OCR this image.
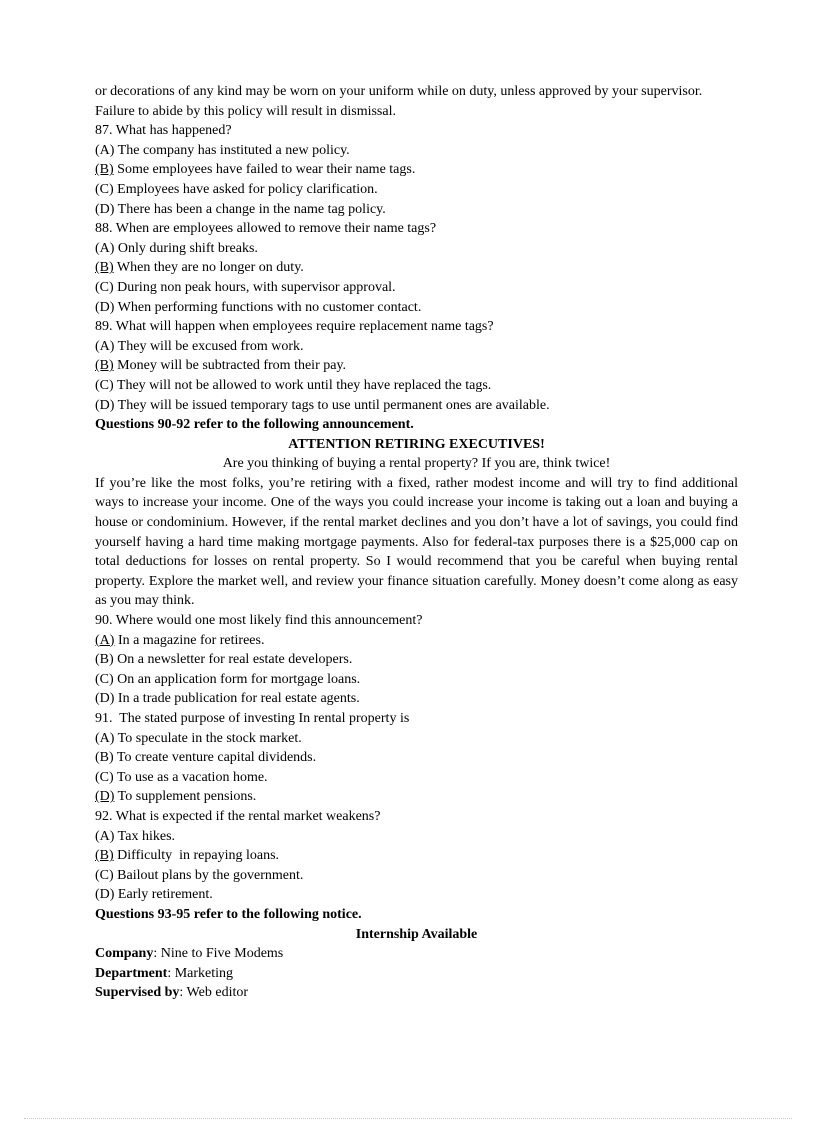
or decorations of any kind may be worn on your uniform while on duty, unless approved by your supervisor.
Failure to abide by this policy will result in dismissal.
87. What has happened?
(A) The company has instituted a new policy.
(B) Some employees have failed to wear their name tags.
(C) Employees have asked for policy clarification.
(D) There has been a change in the name tag policy.
88. When are employees allowed to remove their name tags?
(A) Only during shift breaks.
(B) When they are no longer on duty.
(C) During non peak hours, with supervisor approval.
(D) When performing functions with no customer contact.
89. What will happen when employees require replacement name tags?
(A) They will be excused from work.
(B) Money will be subtracted from their pay.
(C) They will not be allowed to work until they have replaced the tags.
(D) They will be issued temporary tags to use until permanent ones are available.
Questions 90-92 refer to the following announcement.
ATTENTION RETIRING EXECUTIVES!
Are you thinking of buying a rental property? If you are, think twice!
If you’re like the most folks, you’re retiring with a fixed, rather modest income and will try to find additional ways to increase your income. One of the ways you could increase your income is taking out a loan and buying a house or condominium. However, if the rental market declines and you don’t have a lot of savings, you could find yourself having a hard time making mortgage payments. Also for federal-tax purposes there is a $25,000 cap on total deductions for losses on rental property. So I would recommend that you be careful when buying rental property. Explore the market well, and review your finance situation carefully. Money doesn’t come along as easy as you may think.
90. Where would one most likely find this announcement?
(A) In a magazine for retirees.
(B) On a newsletter for real estate developers.
(C) On an application form for mortgage loans.
(D) In a trade publication for real estate agents.
91.  The stated purpose of investing In rental property is
(A) To speculate in the stock market.
(B) To create venture capital dividends.
(C) To use as a vacation home.
(D) To supplement pensions.
92. What is expected if the rental market weakens?
(A) Tax hikes.
(B) Difficulty  in repaying loans.
(C) Bailout plans by the government.
(D) Early retirement.
Questions 93-95 refer to the following notice.
Internship Available
Company: Nine to Five Modems
Department: Marketing
Supervised by: Web editor
